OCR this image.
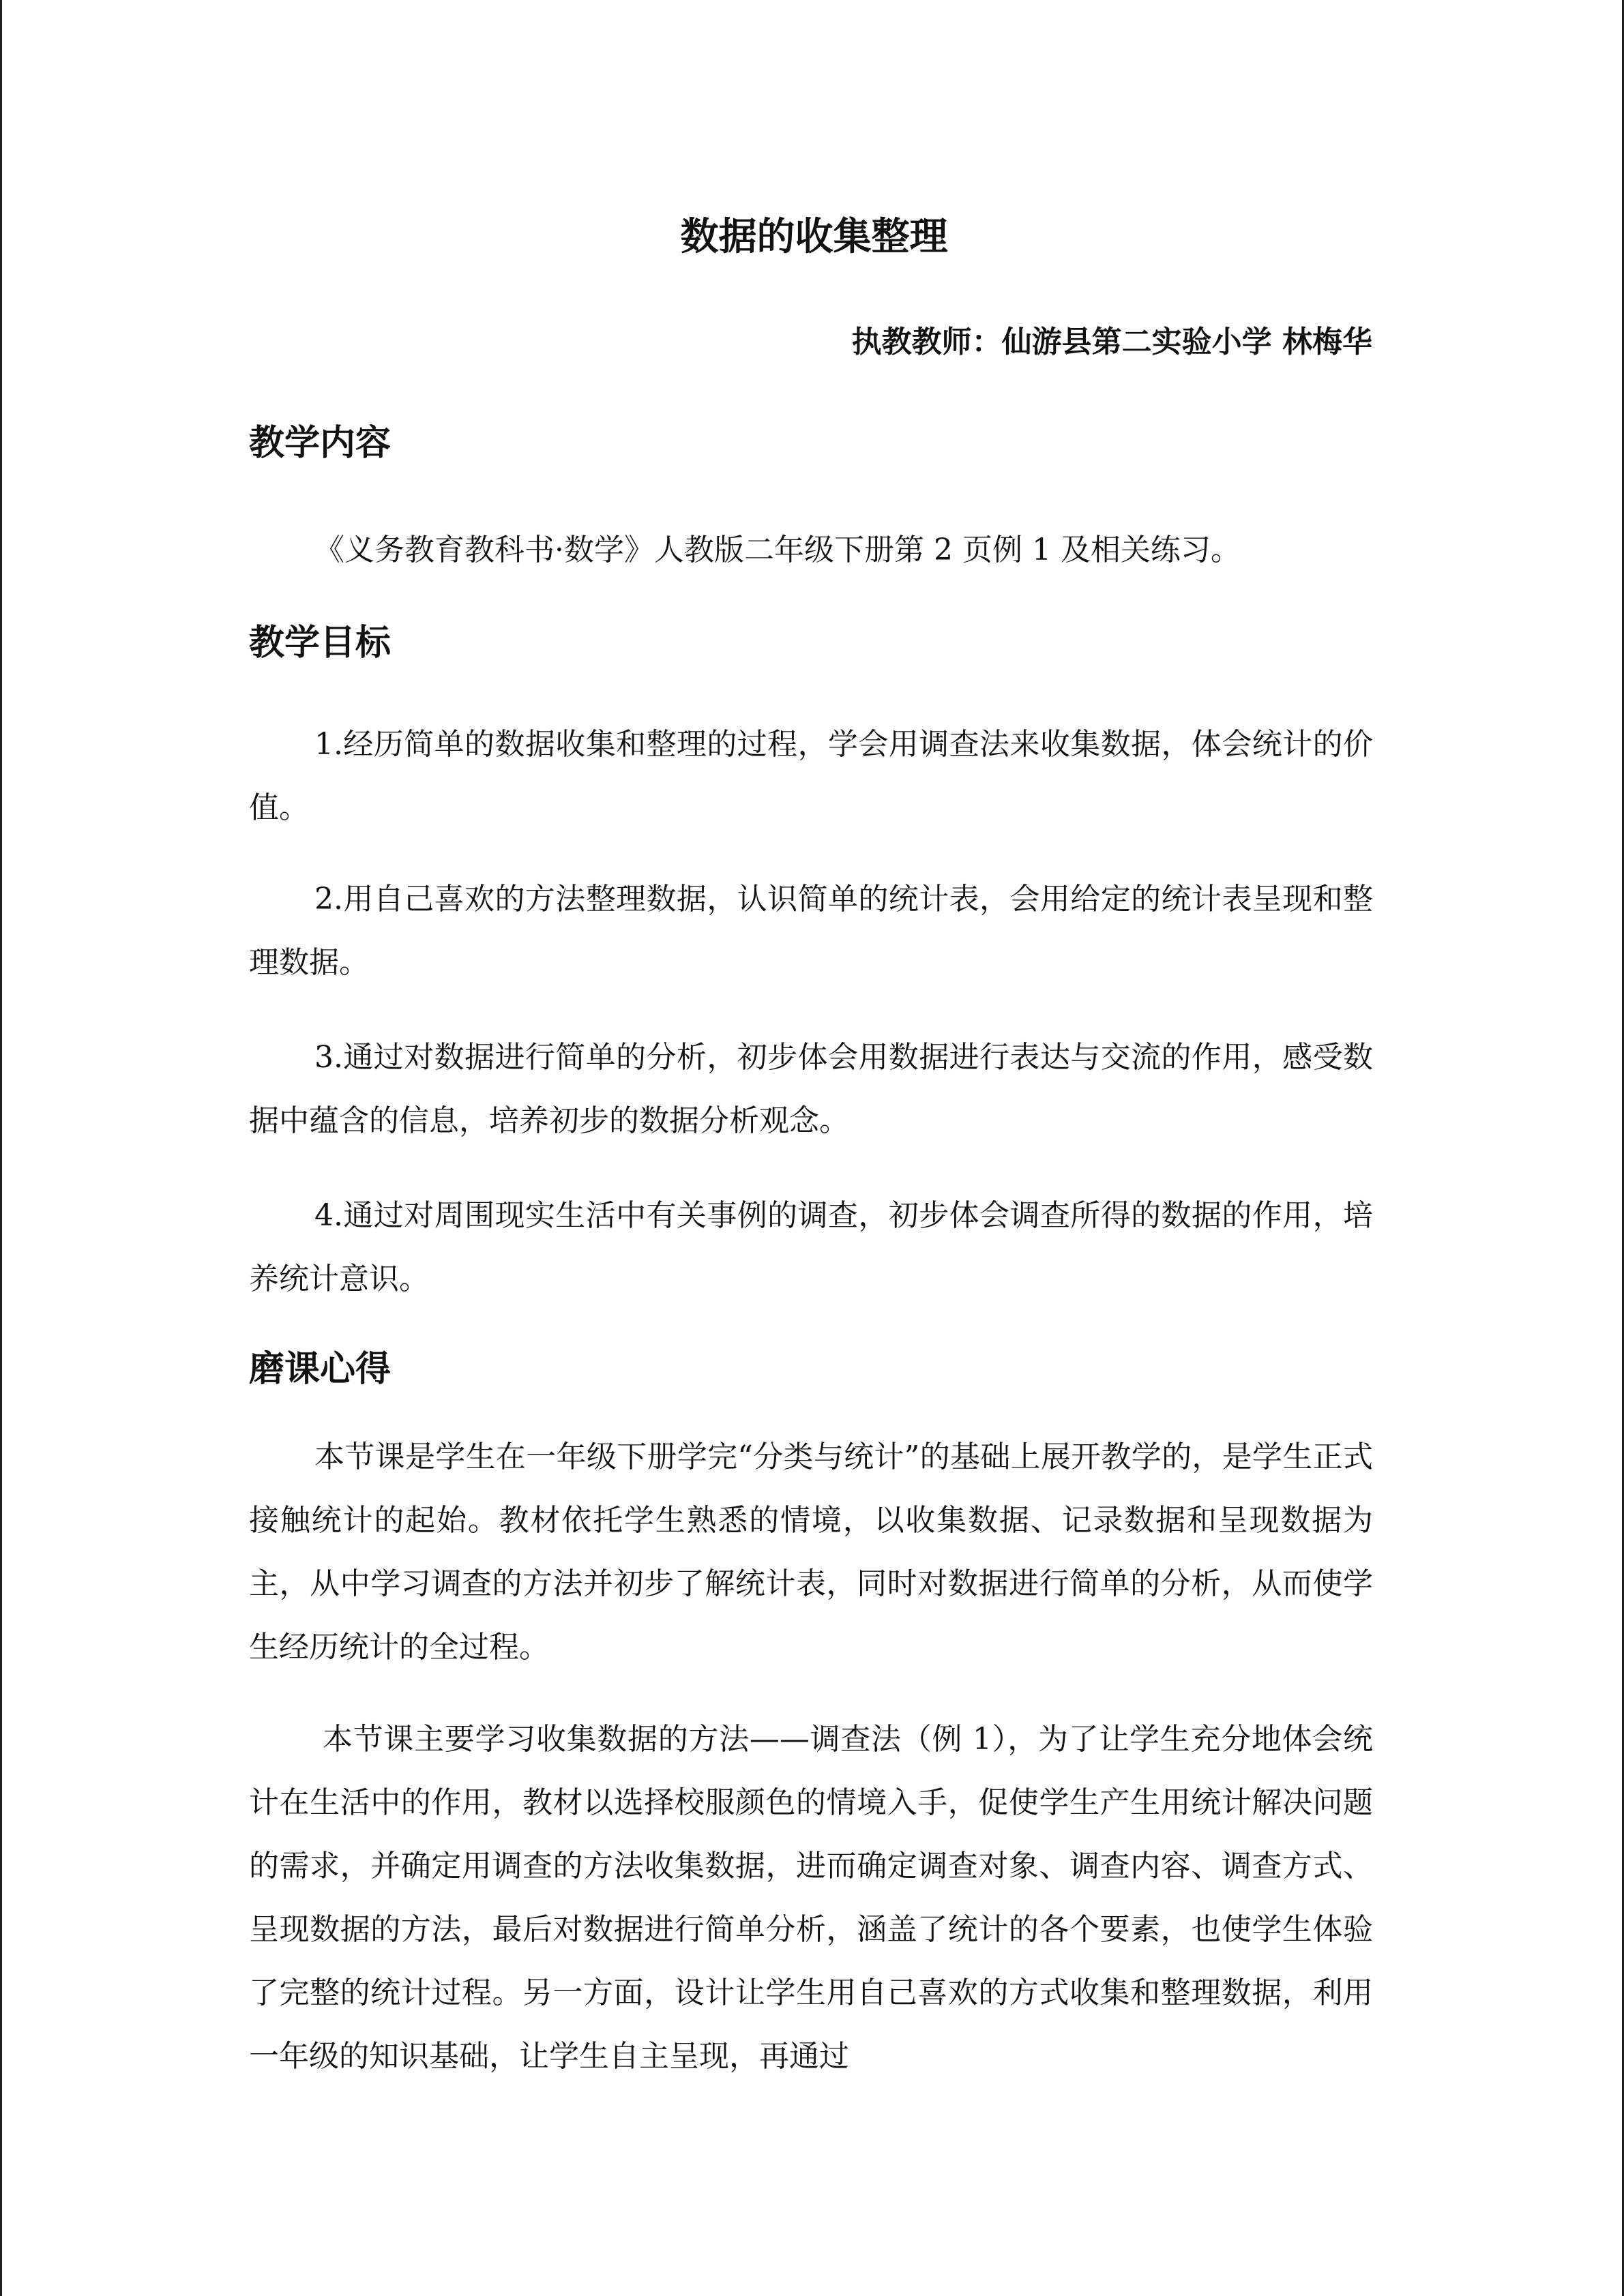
数据的收集整理

执教教师：仙游县第二实验小学 林梅华

教学内容

《义务教育教科书·数学》人教版二年级下册第 2 页例 1 及相关练习。

教学目标

1.经历简单的数据收集和整理的过程，学会用调查法来收集数据，体会统计的价值。

2.用自己喜欢的方法整理数据，认识简单的统计表，会用给定的统计表呈现和整理数据。

3.通过对数据进行简单的分析，初步体会用数据进行表达与交流的作用，感受数据中蕴含的信息，培养初步的数据分析观念。

4.通过对周围现实生活中有关事例的调查，初步体会调查所得的数据的作用，培养统计意识。

磨课心得

本节课是学生在一年级下册学完“分类与统计”的基础上展开教学的，是学生正式接触统计的起始。教材依托学生熟悉的情境，以收集数据、记录数据和呈现数据为主，从中学习调查的方法并初步了解统计表，同时对数据进行简单的分析，从而使学生经历统计的全过程。

本节课主要学习收集数据的方法——调查法（例 1），为了让学生充分地体会统计在生活中的作用，教材以选择校服颜色的情境入手，促使学生产生用统计解决问题的需求，并确定用调查的方法收集数据，进而确定调查对象、调查内容、调查方式、呈现数据的方法，最后对数据进行简单分析，涵盖了统计的各个要素，也使学生体验了完整的统计过程。另一方面，设计让学生用自己喜欢的方式收集和整理数据，利用一年级的知识基础，让学生自主呈现，再通过
